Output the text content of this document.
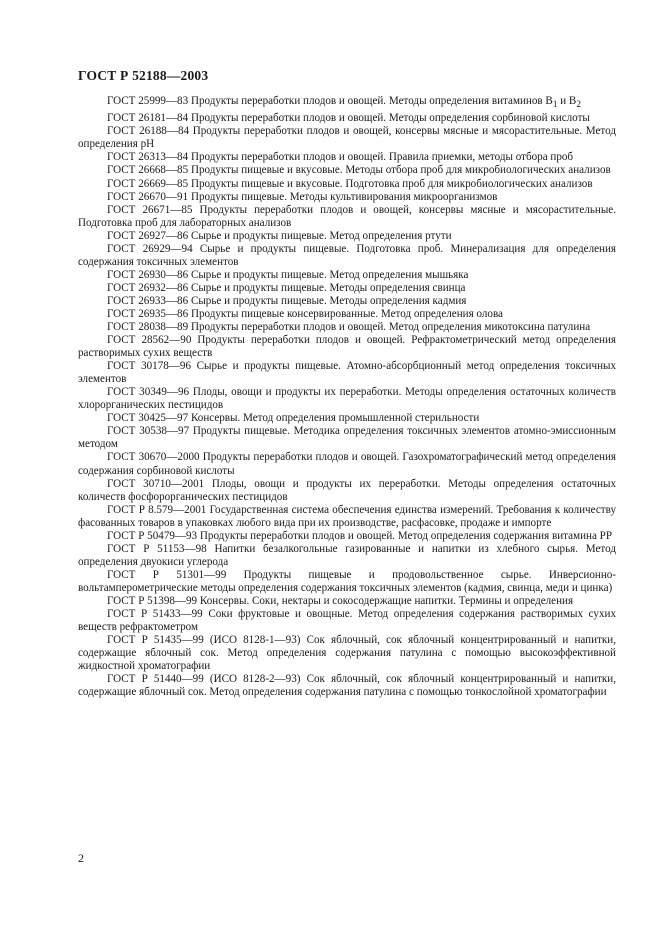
ГОСТ Р 52188—2003

ГОСТ 25999—83 Продукты переработки плодов и овощей. Методы определения витаминов $B_1$ и $B_2$

ГОСТ 26181—84 Продукты переработки плодов и овощей. Методы определения сорбиновой кислоты

ГОСТ 26188—84 Продукты переработки плодов и овощей, консервы мясные и мясорастительные. Метод определения рН

ГОСТ 26313—84 Продукты переработки плодов и овощей. Правила приемки, методы отбора проб

ГОСТ 26668—85 Продукты пищевые и вкусовые. Методы отбора проб для микробиологических анализов

ГОСТ 26669—85 Продукты пищевые и вкусовые. Подготовка проб для микробиологических анализов

ГОСТ 26670—91 Продукты пищевые. Методы культивирования микроорганизмов

ГОСТ 26671—85 Продукты переработки плодов и овощей, консервы мясные и мясорастительные. Подготовка проб для лабораторных анализов

ГОСТ 26927—86 Сырье и продукты пищевые. Метод определения ртути

ГОСТ 26929—94 Сырье и продукты пищевые. Подготовка проб. Минерализация для определения содержания токсичных элементов

ГОСТ 26930—86 Сырье и продукты пищевые. Метод определения мышьяка

ГОСТ 26932—86 Сырье и продукты пищевые. Методы определения свинца

ГОСТ 26933—86 Сырье и продукты пищевые. Методы определения кадмия

ГОСТ 26935—86 Продукты пищевые консервированные. Метод определения олова

ГОСТ 28038—89 Продукты переработки плодов и овощей. Метод определения микотоксина патулина

ГОСТ 28562—90 Продукты переработки плодов и овощей. Рефрактометрический метод определения растворимых сухих веществ

ГОСТ 30178—96 Сырье и продукты пищевые. Атомно-абсорбционный метод определения токсичных элементов

ГОСТ 30349—96 Плоды, овощи и продукты их переработки. Методы определения остаточных количеств хлорорганических пестицидов

ГОСТ 30425—97 Консервы. Метод определения промышленной стерильности

ГОСТ 30538—97 Продукты пищевые. Методика определения токсичных элементов атомно-эмиссионным методом

ГОСТ 30670—2000 Продукты переработки плодов и овощей. Газохроматографический метод определения содержания сорбиновой кислоты

ГОСТ 30710—2001 Плоды, овощи и продукты их переработки. Методы определения остаточных количеств фосфорорганических пестицидов

ГОСТ Р 8.579—2001 Государственная система обеспечения единства измерений. Требования к количеству фасованных товаров в упаковках любого вида при их производстве, расфасовке, продаже и импорте

ГОСТ Р 50479—93 Продукты переработки плодов и овощей. Метод определения содержания витамина РР

ГОСТ Р 51153—98 Напитки безалкогольные газированные и напитки из хлебного сырья. Метод определения двуокиси углерода

ГОСТ Р 51301—99 Продукты пищевые и продовольственное сырье. Инверсионно-вольтамперометрические методы определения содержания токсичных элементов (кадмия, свинца, меди и цинка)

ГОСТ Р 51398—99 Консервы. Соки, нектары и сокосодержащие напитки. Термины и определения

ГОСТ Р 51433—99 Соки фруктовые и овощные. Метод определения содержания растворимых сухих веществ рефрактометром

ГОСТ Р 51435—99 (ИСО 8128-1—93) Сок яблочный, сок яблочный концентрированный и напитки, содержащие яблочный сок. Метод определения содержания патулина с помощью высокоэффективной жидкостной хроматографии

ГОСТ Р 51440—99 (ИСО 8128-2—93) Сок яблочный, сок яблочный концентрированный и напитки, содержащие яблочный сок. Метод определения содержания патулина с помощью тонкослойной хроматографии

2
